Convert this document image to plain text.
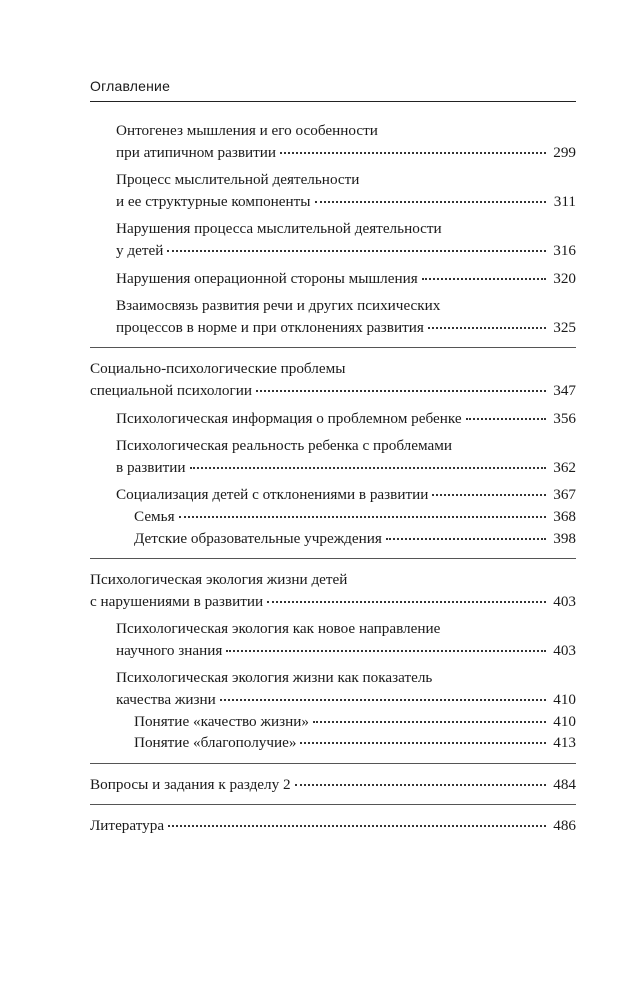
Оглавление
Онтогенез мышления и его особенности
при атипичном развитии	299
Процесс мыслительной деятельности
и ее структурные компоненты	311
Нарушения процесса мыслительной деятельности
у детей	316
Нарушения операционной стороны мышления	320
Взаимосвязь развития речи и других психических
процессов в норме и при отклонениях развития	325
Социально-психологические проблемы
специальной психологии	347
Психологическая информация о проблемном ребенке	356
Психологическая реальность ребенка с проблемами
в развитии	362
Социализация детей с отклонениями в развитии	367
Семья	368
Детские образовательные учреждения	398
Психологическая экология жизни детей
с нарушениями в развитии	403
Психологическая экология как новое направление
научного знания	403
Психологическая экология жизни как показатель
качества жизни	410
Понятие «качество жизни»	410
Понятие «благополучие»	413
Вопросы и задания к разделу 2	484
Литература	486
